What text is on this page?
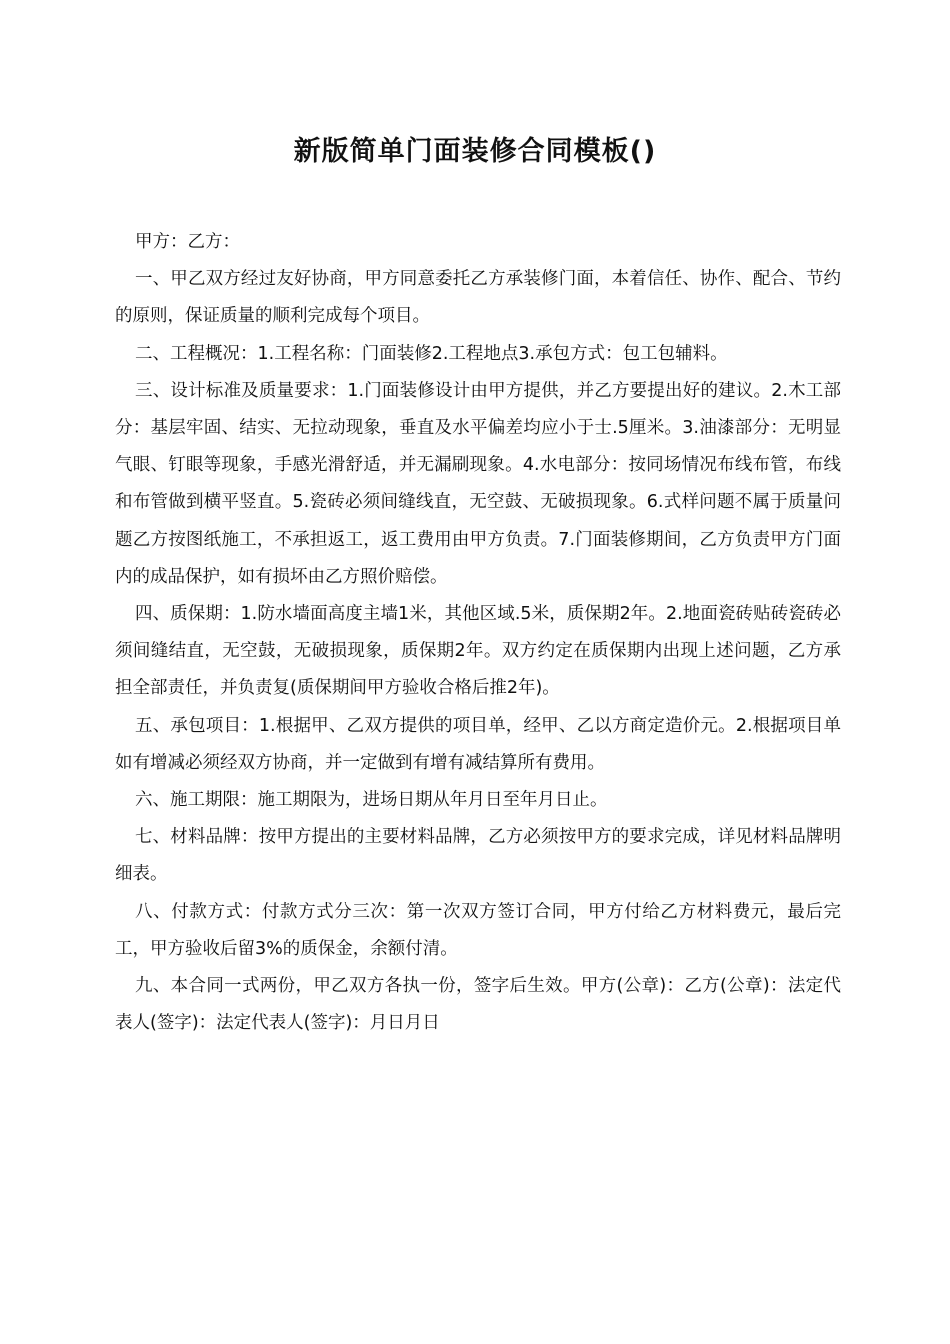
新版简单门面装修合同模板()

甲方：乙方：

一、甲乙双方经过友好协商，甲方同意委托乙方承装修门面，本着信任、协作、配合、节约的原则，保证质量的顺利完成每个项目。

二、工程概况：1.工程名称：门面装修2.工程地点3.承包方式：包工包辅料。

三、设计标准及质量要求：1.门面装修设计由甲方提供，并乙方要提出好的建议。2.木工部分：基层牢固、结实、无拉动现象，垂直及水平偏差均应小于士.5厘米。3.油漆部分：无明显气眼、钉眼等现象，手感光滑舒适，并无漏刷现象。4.水电部分：按同场情况布线布管，布线和布管做到横平竖直。5.瓷砖必须间缝线直，无空鼓、无破损现象。6.式样问题不属于质量问题乙方按图纸施工，不承担返工，返工费用由甲方负责。7.门面装修期间，乙方负责甲方门面内的成品保护，如有损坏由乙方照价赔偿。

四、质保期：1.防水墙面高度主墙1米，其他区域.5米，质保期2年。2.地面瓷砖贴砖瓷砖必须间缝结直，无空鼓，无破损现象，质保期2年。双方约定在质保期内出现上述问题，乙方承担全部责任，并负责复(质保期间甲方验收合格后推2年)。

五、承包项目：1.根据甲、乙双方提供的项目单，经甲、乙以方商定造价元。2.根据项目单如有增减必须经双方协商，并一定做到有增有减结算所有费用。

六、施工期限：施工期限为，进场日期从年月日至年月日止。

七、材料品牌：按甲方提出的主要材料品牌，乙方必须按甲方的要求完成，详见材料品牌明细表。

八、付款方式：付款方式分三次：第一次双方签订合同，甲方付给乙方材料费元，最后完工，甲方验收后留3%的质保金，余额付清。

九、本合同一式两份，甲乙双方各执一份，签字后生效。甲方(公章)：乙方(公章)：法定代表人(签字)：法定代表人(签字)：月日月日
